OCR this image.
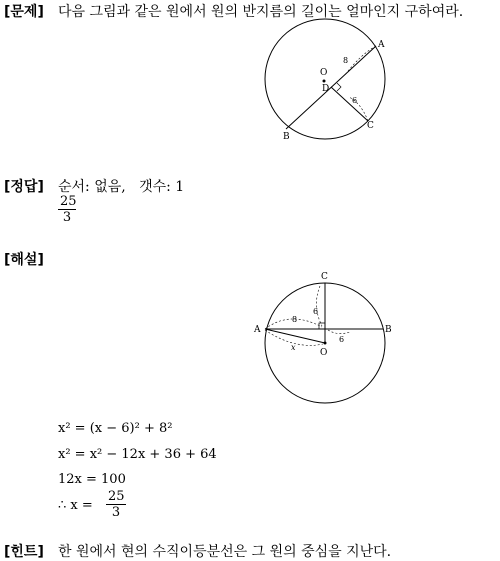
[문제] 다음 그림과 같은 원에서 원의 반지름의 길이는 얼마인지 구하여라.
O
D
A
B
C
8
6
[정답] 순서: 없음,   갯수: 1
25
3
[해설]
C
A	B
O
8
6
6
x
x² = (x − 6)² + 8²
x² = x² − 12x + 36 + 64
12x = 100
∴ x =
25
3
[힌트] 한 원에서 현의 수직이등분선은 그 원의 중심을 지난다.
